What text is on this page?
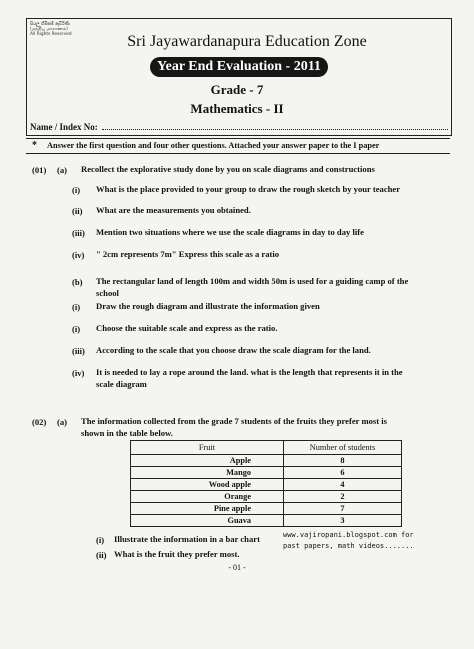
සියලු හිමිකම් ඇවිරිණි
(மத்திய மாகாணம்)
All Rights Reserved	Sri Jayawardanapura Education Zone
Year End Evaluation - 2011
Grade - 7
Mathematics - II
Name / Index No:
* Answer the first question and four other questions. Attached your answer paper to the I paper
(01) (a) Recollect the explorative study done by you on scale diagrams and constructions
(i) What is the place provided to your group to draw the rough sketch by your teacher
(ii) What are the measurements you obtained.
(iii) Mention two situations where we use the scale diagrams in day to day life
(iv) " 2cm represents 7m" Express this scale as a ratio
(b) The rectangular land of length 100m and width 50m is used for a guiding camp of the
school
(i) Draw the rough diagram and illustrate the information given
(i) Choose the suitable scale and express as the ratio.
(iii) According to the scale that you choose draw the scale diagram for the land.
(iv) It is needed to lay a rope around the land. what is the length that represents it in the
scale diagram
(02) (a) The information collected from the grade 7 students of the fruits they prefer most is
shown in the table below.
Fruit	Number of students
Apple	8
Mango	6
Wood apple	4
Orange	2
Pine apple	7
Guava	3
(i) Illustrate the information in a bar chart
(ii) What is the fruit they prefer most.
www.vajiropani.blogspot.com for
past papers, math videos.......
- 01 -
